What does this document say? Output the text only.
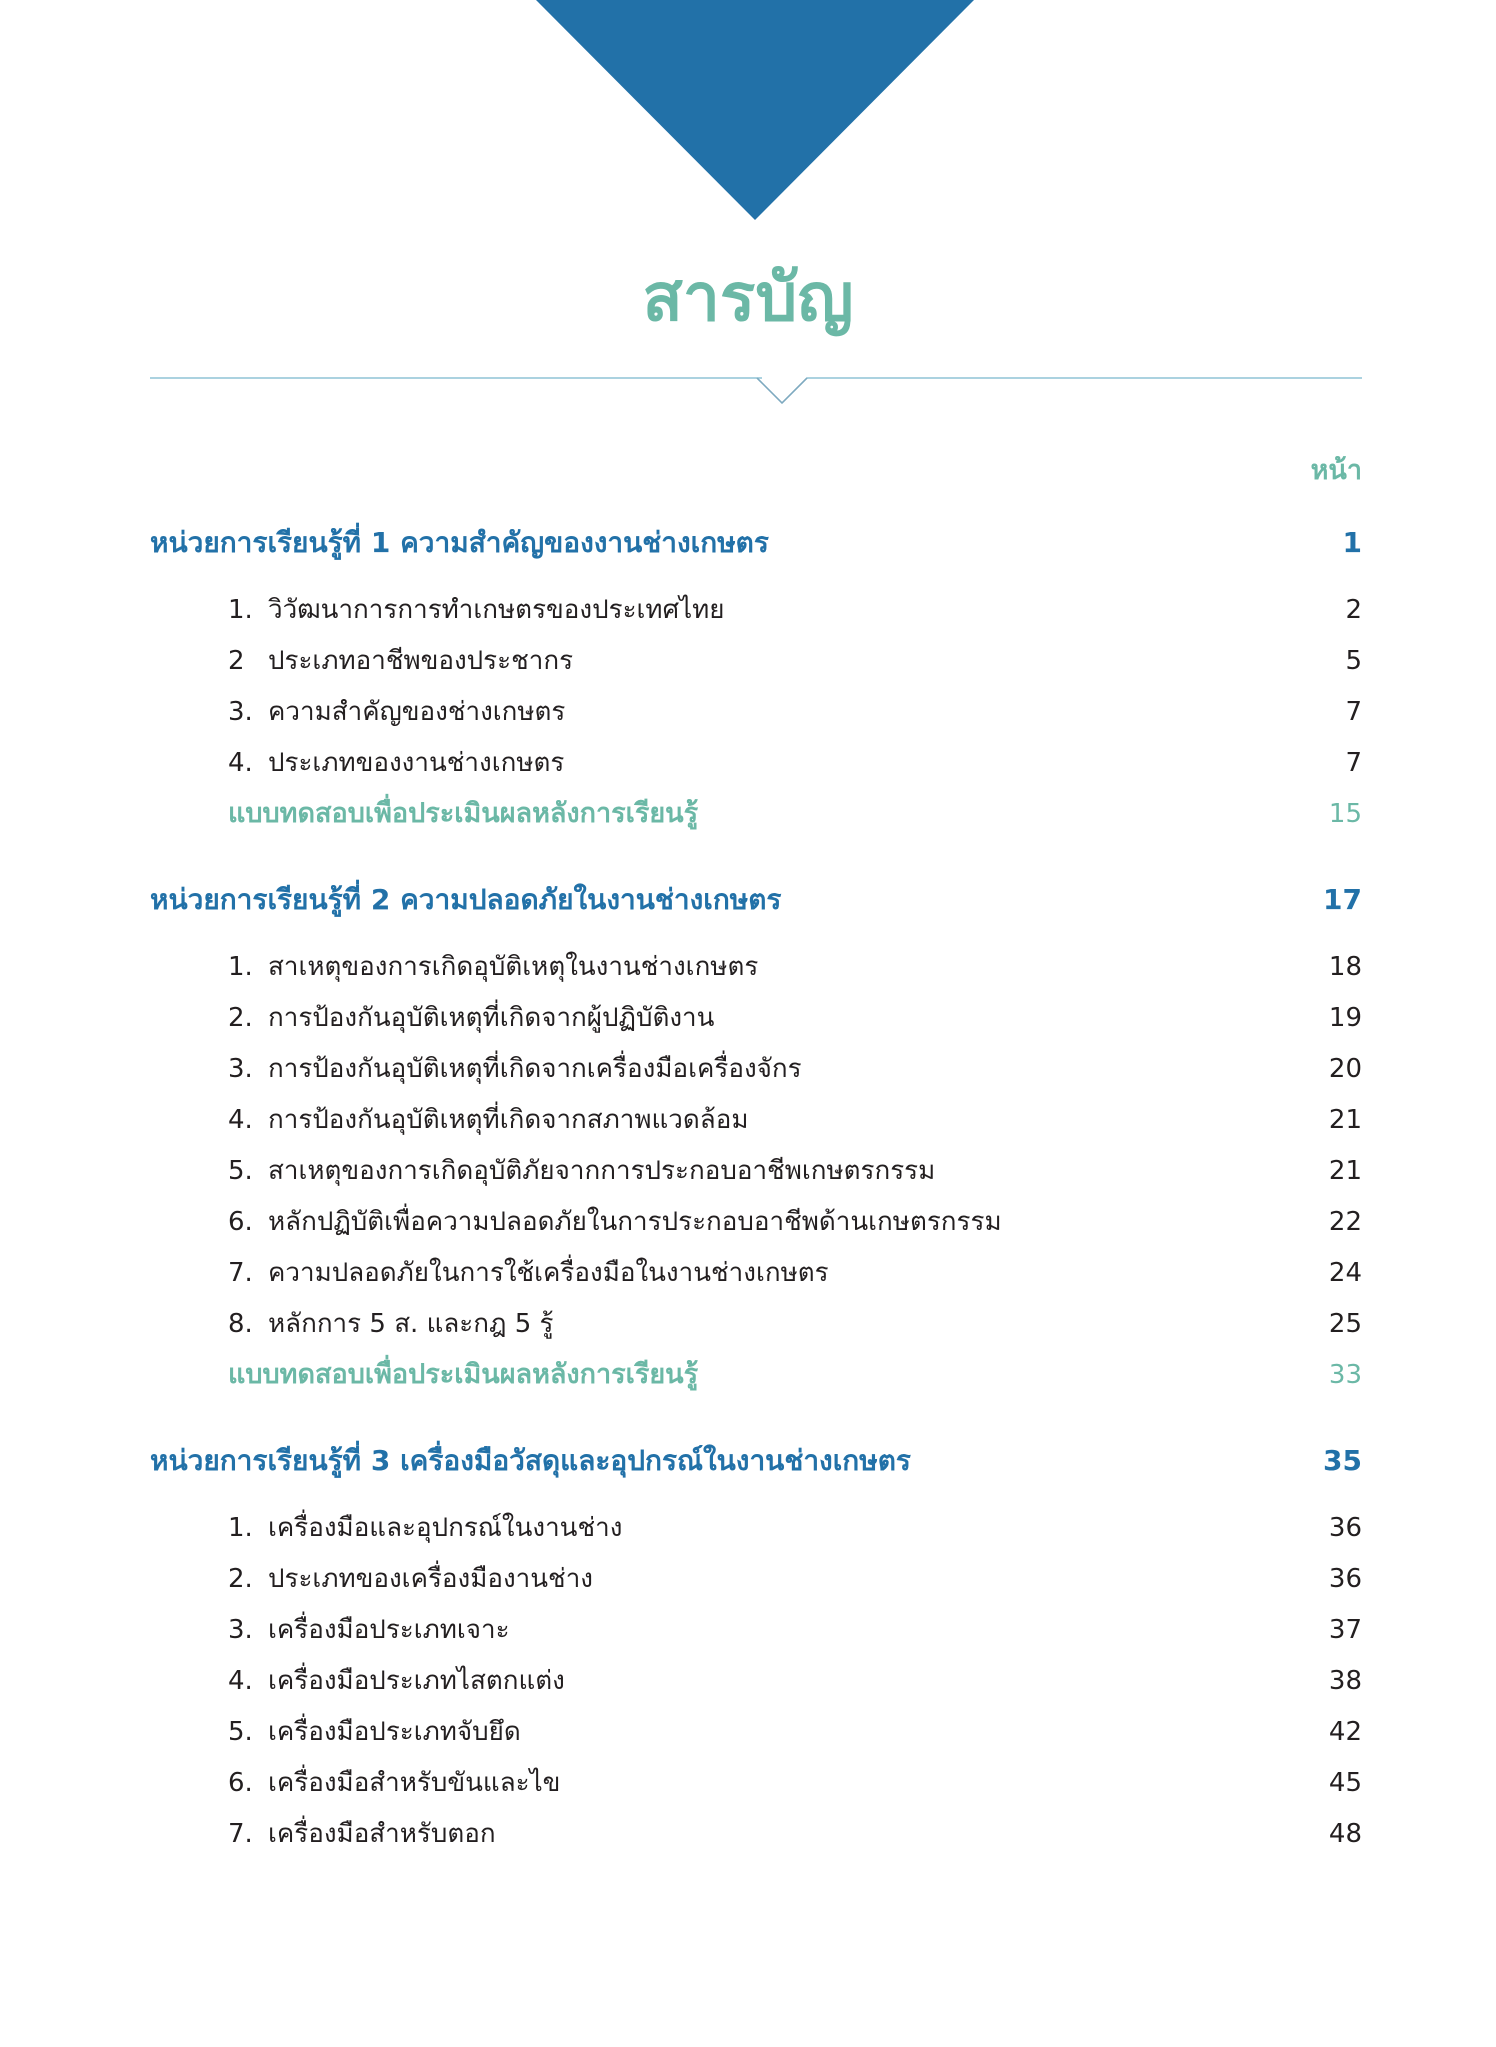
สารบัญ
หน้า
หน่วยการเรียนรู้ที่ 1 ความสำคัญของงานช่างเกษตร	1
1. วิวัฒนาการการทำเกษตรของประเทศไทย	2
2 ประเภทอาชีพของประชากร	5
3. ความสำคัญของช่างเกษตร	7
4. ประเภทของงานช่างเกษตร	7
แบบทดสอบเพื่อประเมินผลหลังการเรียนรู้	15
หน่วยการเรียนรู้ที่ 2 ความปลอดภัยในงานช่างเกษตร	17
1. สาเหตุของการเกิดอุบัติเหตุในงานช่างเกษตร	18
2. การป้องกันอุบัติเหตุที่เกิดจากผู้ปฏิบัติงาน	19
3. การป้องกันอุบัติเหตุที่เกิดจากเครื่องมือเครื่องจักร	20
4. การป้องกันอุบัติเหตุที่เกิดจากสภาพแวดล้อม	21
5. สาเหตุของการเกิดอุบัติภัยจากการประกอบอาชีพเกษตรกรรม	21
6. หลักปฏิบัติเพื่อความปลอดภัยในการประกอบอาชีพด้านเกษตรกรรม	22
7. ความปลอดภัยในการใช้เครื่องมือในงานช่างเกษตร	24
8. หลักการ 5 ส. และกฎ 5 รู้	25
แบบทดสอบเพื่อประเมินผลหลังการเรียนรู้	33
หน่วยการเรียนรู้ที่ 3 เครื่องมือวัสดุและอุปกรณ์ในงานช่างเกษตร	35
1. เครื่องมือและอุปกรณ์ในงานช่าง	36
2. ประเภทของเครื่องมืองานช่าง	36
3. เครื่องมือประเภทเจาะ	37
4. เครื่องมือประเภทไสตกแต่ง	38
5. เครื่องมือประเภทจับยึด	42
6. เครื่องมือสำหรับขันและไข	45
7. เครื่องมือสำหรับตอก	48
